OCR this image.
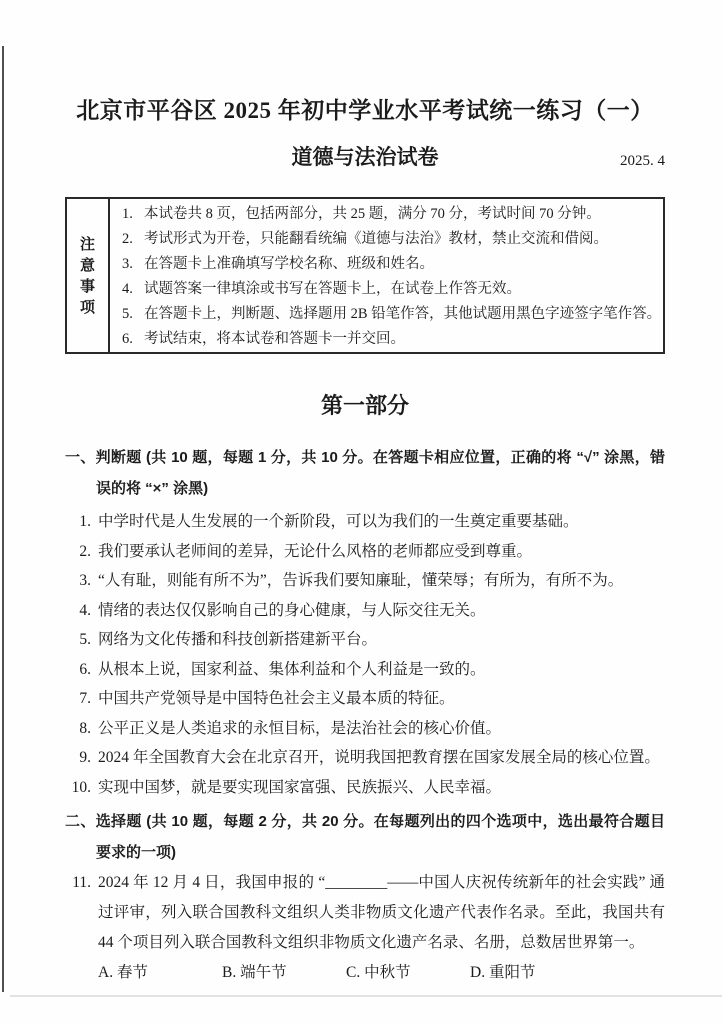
北京市平谷区 2025 年初中学业水平考试统一练习（一）
道德与法治试卷	2025. 4
注
意
事
项
1. 本试卷共 8 页，包括两部分，共 25 题，满分 70 分，考试时间 70 分钟。
2. 考试形式为开卷，只能翻看统编《道德与法治》教材，禁止交流和借阅。
3. 在答题卡上准确填写学校名称、班级和姓名。
4. 试题答案一律填涂或书写在答题卡上，在试卷上作答无效。
5. 在答题卡上，判断题、选择题用 2B 铅笔作答，其他试题用黑色字迹签字笔作答。
6. 考试结束，将本试卷和答题卡一并交回。
第一部分
一、判断题 (共 10 题，每题 1 分，共 10 分。在答题卡相应位置，正确的将 “√” 涂黑，错误的将 “×” 涂黑)
1. 中学时代是人生发展的一个新阶段，可以为我们的一生奠定重要基础。
2. 我们要承认老师间的差异，无论什么风格的老师都应受到尊重。
3. “人有耻，则能有所不为”，告诉我们要知廉耻，懂荣辱；有所为，有所不为。
4. 情绪的表达仅仅影响自己的身心健康，与人际交往无关。
5. 网络为文化传播和科技创新搭建新平台。
6. 从根本上说，国家利益、集体利益和个人利益是一致的。
7. 中国共产党领导是中国特色社会主义最本质的特征。
8. 公平正义是人类追求的永恒目标，是法治社会的核心价值。
9. 2024 年全国教育大会在北京召开，说明我国把教育摆在国家发展全局的核心位置。
10. 实现中国梦，就是要实现国家富强、民族振兴、人民幸福。
二、选择题 (共 10 题，每题 2 分，共 20 分。在每题列出的四个选项中，选出最符合题目要求的一项)
11. 2024 年 12 月 4 日，我国申报的 “________——中国人庆祝传统新年的社会实践” 通过评审，列入联合国教科文组织人类非物质文化遗产代表作名录。至此，我国共有 44 个项目列入联合国教科文组织非物质文化遗产名录、名册，总数居世界第一。
A. 春节	B. 端午节	C. 中秋节	D. 重阳节
